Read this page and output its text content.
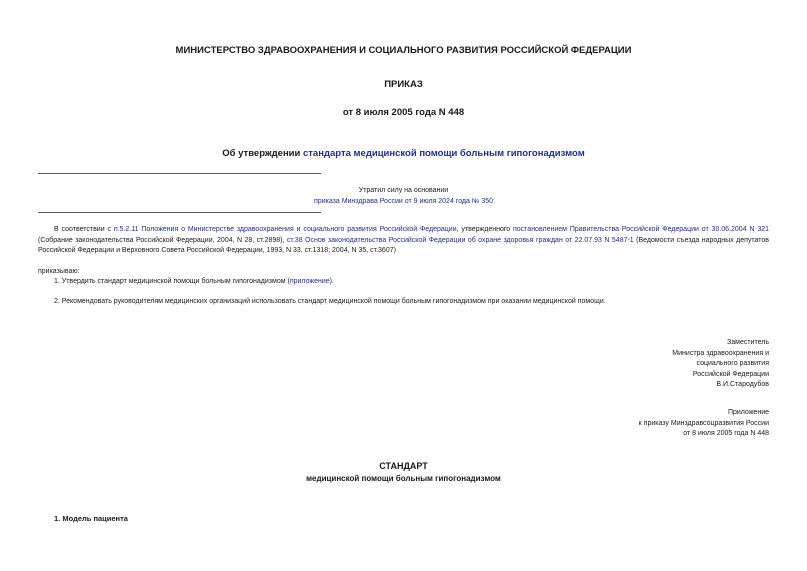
МИНИСТЕРСТВО ЗДРАВООХРАНЕНИЯ И СОЦИАЛЬНОГО РАЗВИТИЯ РОССИЙСКОЙ ФЕДЕРАЦИИ
ПРИКАЗ
от 8 июля 2005 года N 448
Об утверждении стандарта медицинской помощи больным гипогонадизмом
Утратил силу на основании
приказа Минздрава России от 9 июля 2024 года № 350
В соответствии с п.5.2.11 Положения о Министерстве здравоохранения и социального развития Российской Федерации, утвержденного постановлением Правительства Российской Федерации от 30.06.2004 N 321 (Собрание законодательства Российской Федерации, 2004, N 28, ст.2898), ст.38 Основ законодательства Российской Федерации об охране здоровья граждан от 22.07.93 N 5487-1 (Ведомости съезда народных депутатов Российской Федерации и Верховного Совета Российской Федерации, 1993, N 33, ст.1318; 2004, N 35, ст.3607)
приказываю:
1. Утвердить стандарт медицинской помощи больным гипогонадизмом (приложение).
2. Рекомендовать руководителям медицинских организаций использовать стандарт медицинской помощи больным гипогонадизмом при оказании медицинской помощи.
Заместитель
Министра здравоохранения и
социального развития
Российской Федерации
В.И.Стародубов
Приложение
к приказу Минздравсоцразвития России
от 8 июля 2005 года N 448
СТАНДАРТ
медицинской помощи больным гипогонадизмом
1. Модель пациента
